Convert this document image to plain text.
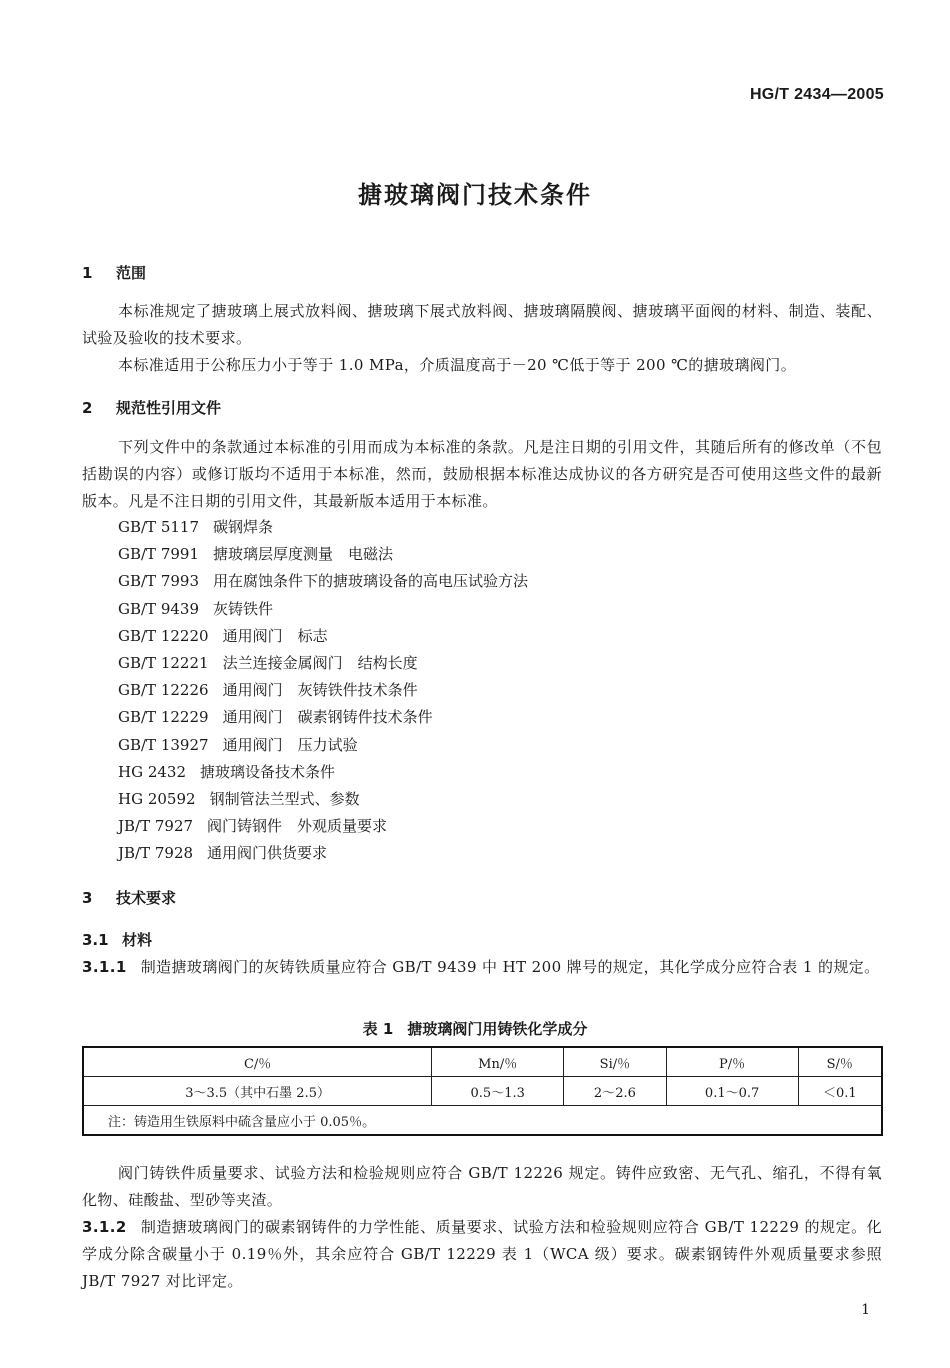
HG/T 2434—2005
搪玻璃阀门技术条件
1 范围
本标准规定了搪玻璃上展式放料阀、搪玻璃下展式放料阀、搪玻璃隔膜阀、搪玻璃平面阀的材料、制造、装配、试验及验收的技术要求。
本标准适用于公称压力小于等于 1.0 MPa，介质温度高于－20 ℃低于等于 200 ℃的搪玻璃阀门。
2 规范性引用文件
下列文件中的条款通过本标准的引用而成为本标准的条款。凡是注日期的引用文件，其随后所有的修改单（不包括勘误的内容）或修订版均不适用于本标准，然而，鼓励根据本标准达成协议的各方研究是否可使用这些文件的最新版本。凡是不注日期的引用文件，其最新版本适用于本标准。
GB/T 5117 碳钢焊条
GB/T 7991 搪玻璃层厚度测量　电磁法
GB/T 7993 用在腐蚀条件下的搪玻璃设备的高电压试验方法
GB/T 9439 灰铸铁件
GB/T 12220 通用阀门　标志
GB/T 12221 法兰连接金属阀门　结构长度
GB/T 12226 通用阀门　灰铸铁件技术条件
GB/T 12229 通用阀门　碳素钢铸件技术条件
GB/T 13927 通用阀门　压力试验
HG 2432 搪玻璃设备技术条件
HG 20592 钢制管法兰型式、参数
JB/T 7927 阀门铸钢件　外观质量要求
JB/T 7928 通用阀门供货要求
3 技术要求
3.1 材料
3.1.1 制造搪玻璃阀门的灰铸铁质量应符合 GB/T 9439 中 HT 200 牌号的规定，其化学成分应符合表 1 的规定。
表 1 搪玻璃阀门用铸铁化学成分
C/％	Mn/％	Si/％	P/％	S/％
3～3.5（其中石墨 2.5）	0.5～1.3	2～2.6	0.1～0.7	＜0.1
注：铸造用生铁原料中硫含量应小于 0.05％。				
阀门铸铁件质量要求、试验方法和检验规则应符合 GB/T 12226 规定。铸件应致密、无气孔、缩孔，不得有氧化物、硅酸盐、型砂等夹渣。
3.1.2 制造搪玻璃阀门的碳素钢铸件的力学性能、质量要求、试验方法和检验规则应符合 GB/T 12229 的规定。化学成分除含碳量小于 0.19％外，其余应符合 GB/T 12229 表 1（WCA 级）要求。碳素钢铸件外观质量要求参照 JB/T 7927 对比评定。
1
